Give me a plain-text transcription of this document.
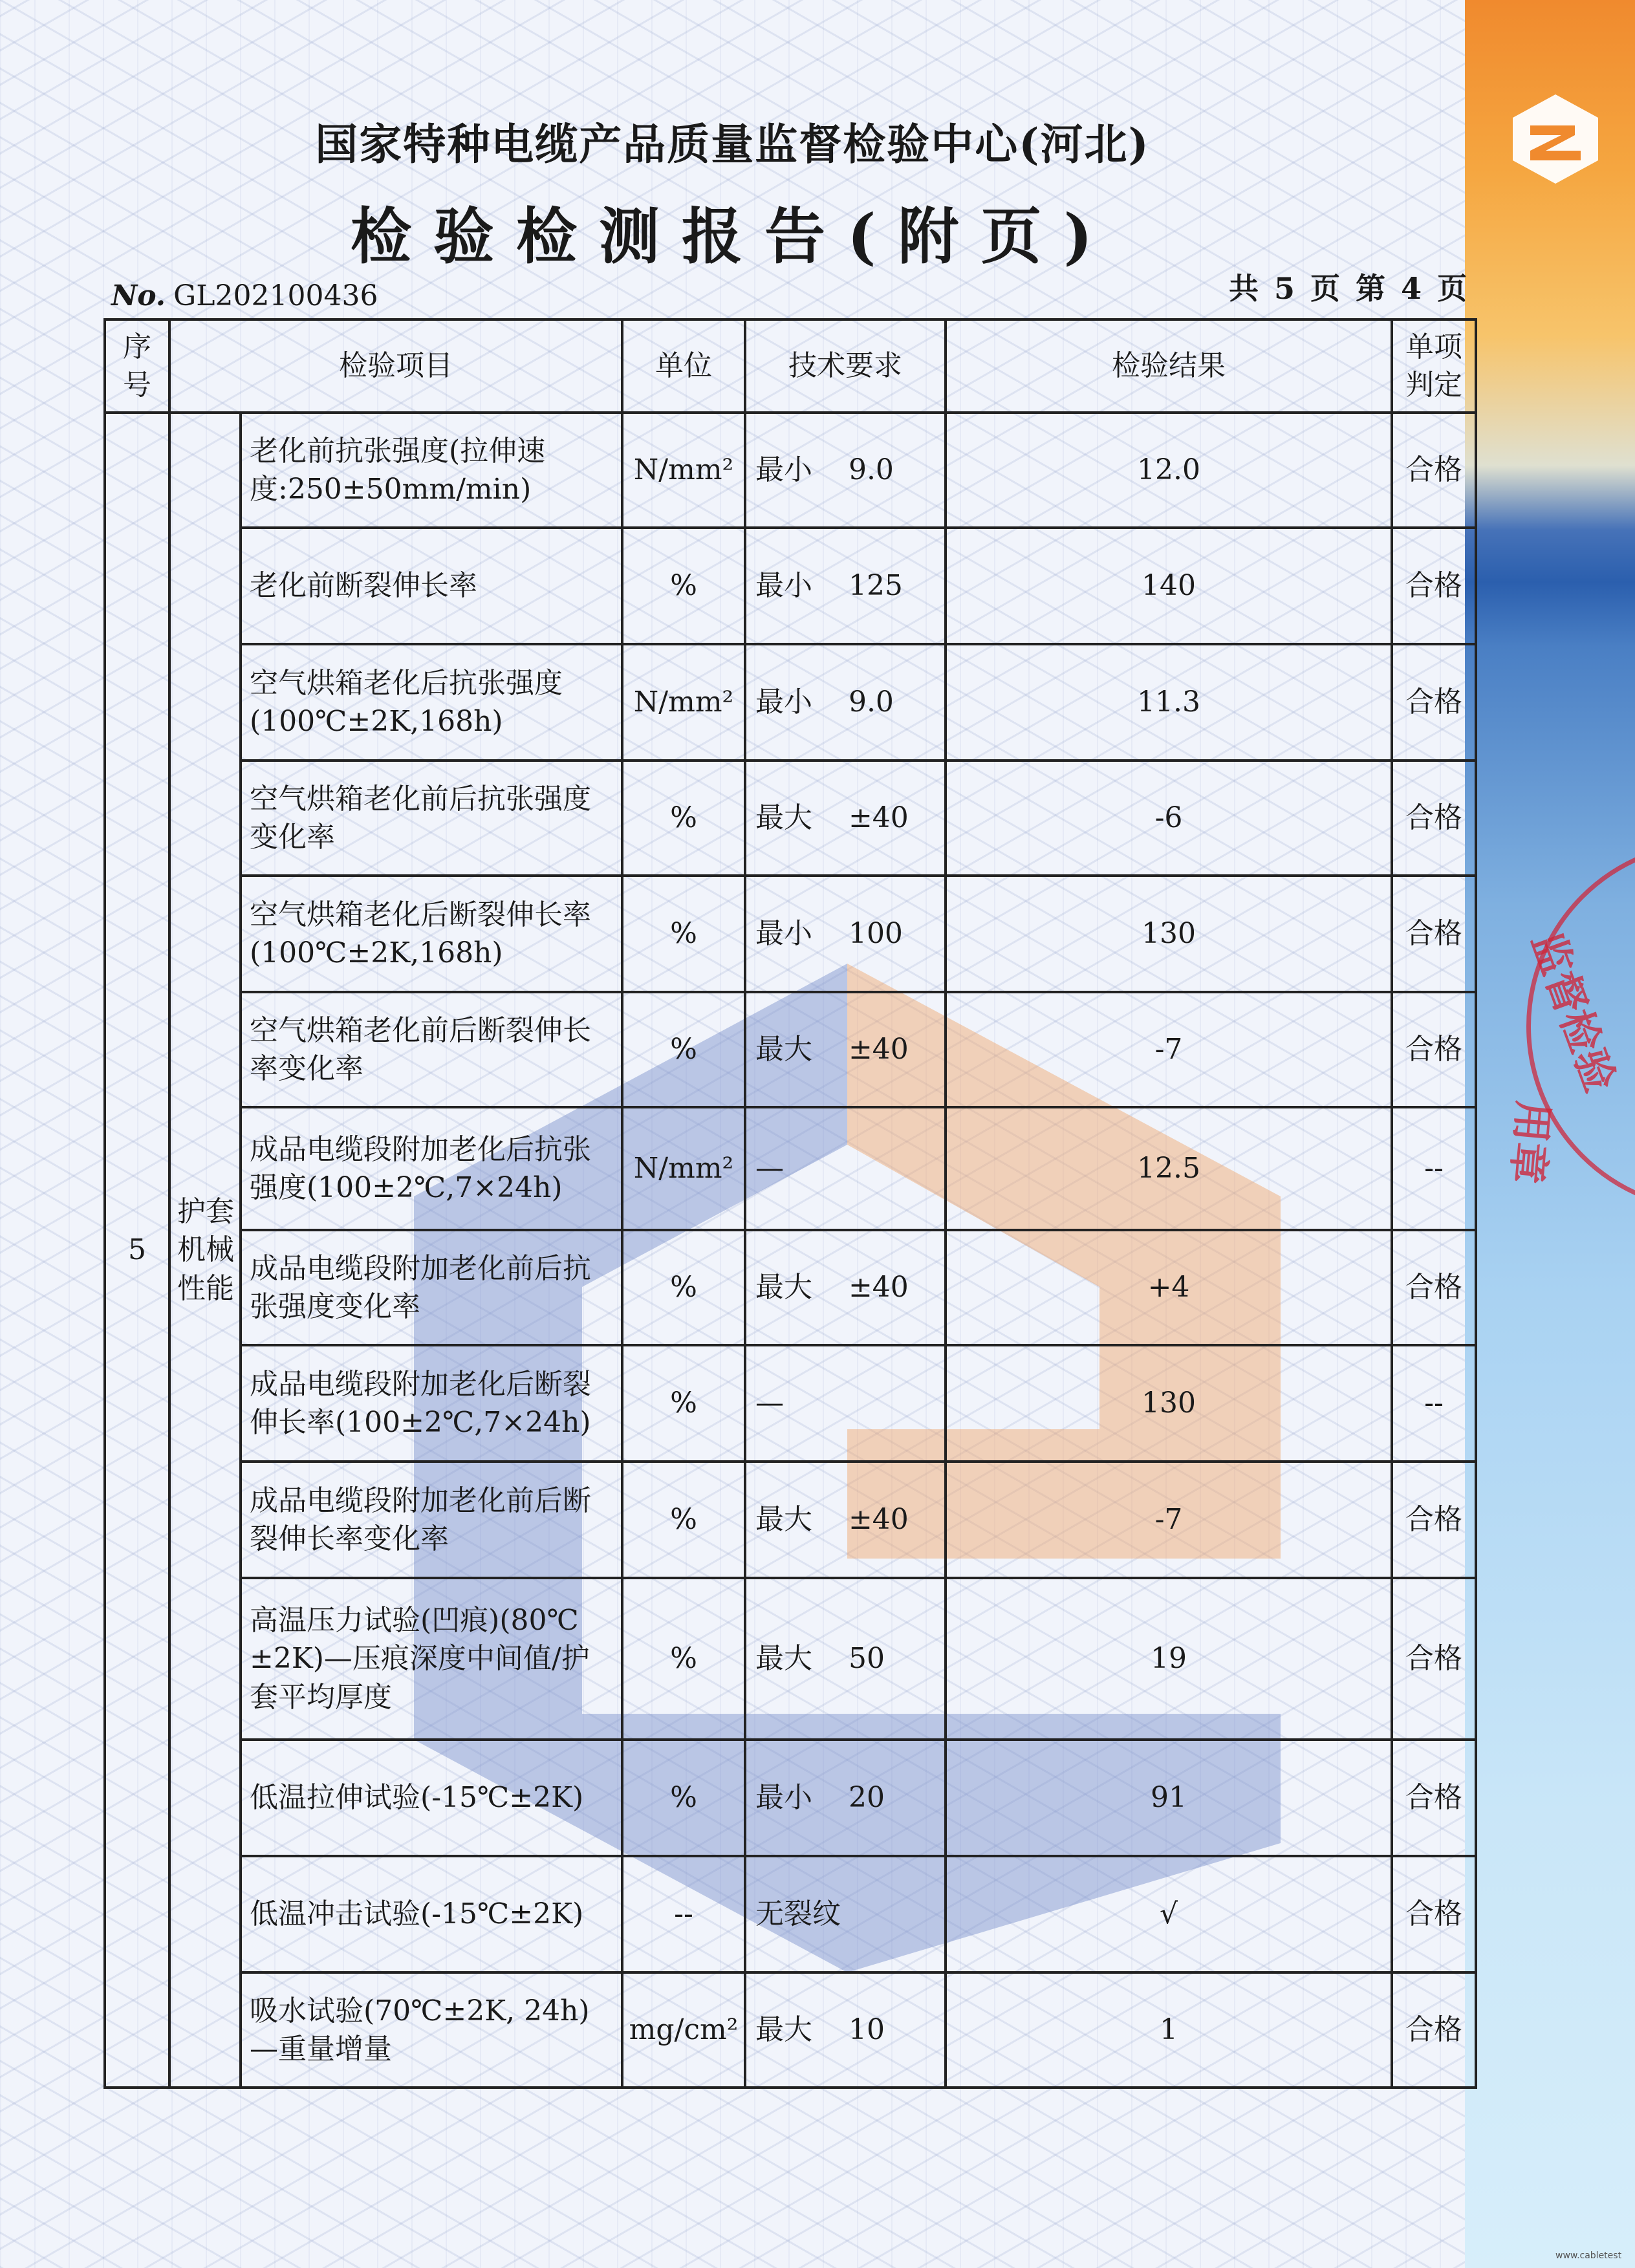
监督检验
用章
国家特种电缆产品质量监督检验中心(河北)
检验检测报告(附页)
No. GL202100436	共 5 页 第 4 页
序号	检验项目		单位	技术要求	检验结果	单项判定
5	护套机械性能	老化前抗张强度(拉伸速度:250±50mm/min)	N/mm²	最小    9.0	12.0	合格
		老化前断裂伸长率	%	最小    125	140	合格
		空气烘箱老化后抗张强度(100℃±2K,168h)	N/mm²	最小    9.0	11.3	合格
		空气烘箱老化前后抗张强度变化率	%	最大    ±40	-6	合格
		空气烘箱老化后断裂伸长率(100℃±2K,168h)	%	最小    100	130	合格
		空气烘箱老化前后断裂伸长率变化率	%	最大    ±40	-7	合格
		成品电缆段附加老化后抗张强度(100±2℃,7×24h)	N/mm²	—	12.5	--
		成品电缆段附加老化前后抗张强度变化率	%	最大    ±40	+4	合格
		成品电缆段附加老化后断裂伸长率(100±2℃,7×24h)	%	—	130	--
		成品电缆段附加老化前后断裂伸长率变化率	%	最大    ±40	-7	合格
		高温压力试验(凹痕)(80℃±2K)—压痕深度中间值/护套平均厚度	%	最大    50	19	合格
		低温拉伸试验(-15℃±2K)	%	最小    20	91	合格
		低温冲击试验(-15℃±2K)	--	无裂纹	√	合格
		吸水试验(70℃±2K, 24h)—重量增量	mg/cm²	最大    10	1	合格
www.cabletest
